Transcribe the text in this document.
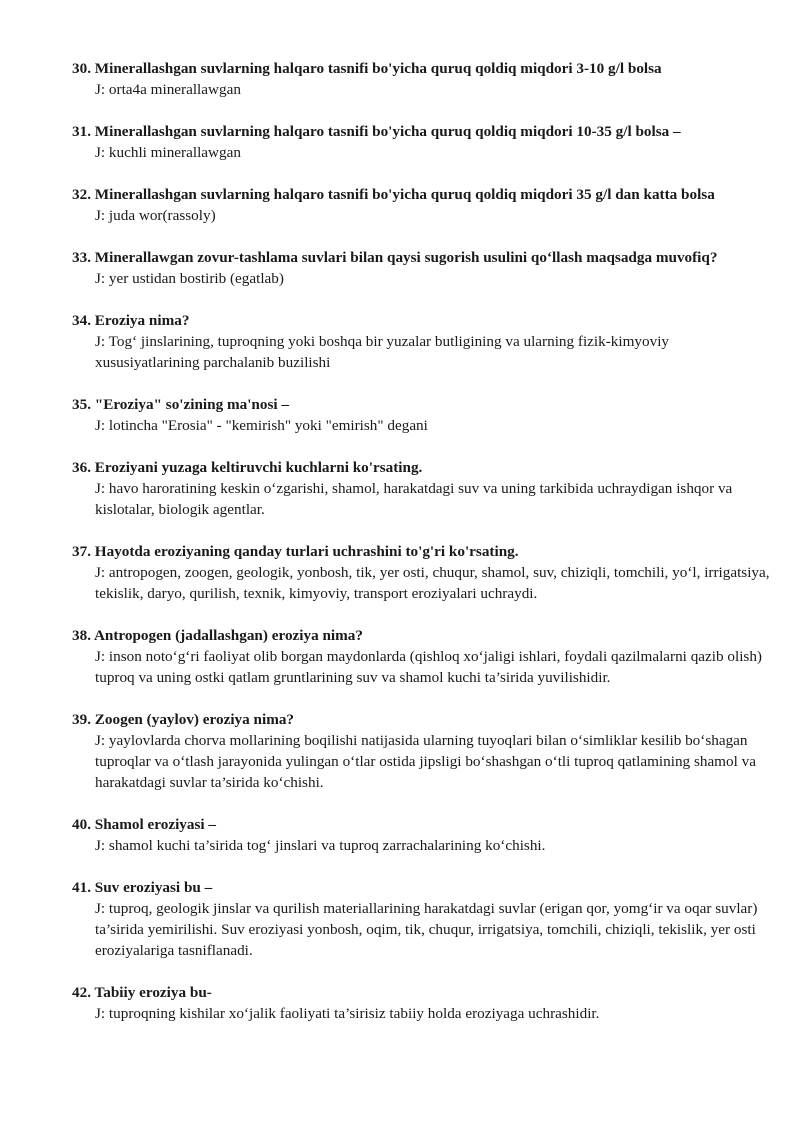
30. Minerallashgan suvlarning halqaro tasnifi bo'yicha quruq qoldiq miqdori 3-10 g/l bolsa
J: orta4a minerallawgan
31. Minerallashgan suvlarning halqaro tasnifi bo'yicha quruq qoldiq miqdori 10-35 g/l bolsa –
J: kuchli minerallawgan
32. Minerallashgan suvlarning halqaro tasnifi bo'yicha quruq qoldiq miqdori 35 g/l dan katta bolsa
J: juda wor(rassoly)
33. Minerallawgan zovur-tashlama suvlari bilan qaysi sugorish usulini qo‘llash maqsadga muvofiq?
J: yer ustidan bostirib (egatlab)
34. Eroziya nima?
J: Tog‘ jinslarining, tuproqning yoki boshqa bir yuzalar butligining va ularning fizik-kimyoviy xususiyatlarining parchalanib buzilishi
35. "Eroziya" so'zining ma'nosi –
J: lotincha "Erosia" - "kemirish" yoki "emirish" degani
36. Eroziyani yuzaga keltiruvchi kuchlarni ko'rsating.
J: havo haroratining keskin o‘zgarishi, shamol, harakatdagi suv va uning tarkibida uchraydigan ishqor va kislotalar, biologik agentlar.
37. Hayotda eroziyaning qanday turlari uchrashini to'g'ri ko'rsating.
J: antropogen, zoogen, geologik, yonbosh, tik, yer osti, chuqur, shamol, suv, chiziqli, tomchili, yo‘l, irrigatsiya, tekislik, daryo, qurilish, texnik, kimyoviy, transport eroziyalari uchraydi.
38. Antropogen (jadallashgan) eroziya nima?
J: inson noto‘g‘ri faoliyat olib borgan maydonlarda (qishloq xo‘jaligi ishlari, foydali qazilmalarni qazib olish) tuproq va uning ostki qatlam gruntlarining suv va shamol kuchi ta’sirida yuvilishidir.
39. Zoogen (yaylov) eroziya nima?
J: yaylovlarda chorva mollarining boqilishi natijasida ularning tuyoqlari bilan o‘simliklar kesilib bo‘shagan tuproqlar va o‘tlash jarayonida yulingan o‘tlar ostida jipsligi bo‘shashgan o‘tli tuproq qatlamining shamol va harakatdagi suvlar ta’sirida ko‘chishi.
40. Shamol eroziyasi –
J: shamol kuchi ta’sirida tog‘ jinslari va tuproq zarrachalarining ko‘chishi.
41. Suv eroziyasi bu –
J: tuproq, geologik jinslar va qurilish materiallarining harakatdagi suvlar (erigan qor, yomg‘ir va oqar suvlar) ta’sirida yemirilishi. Suv eroziyasi yonbosh, oqim, tik, chuqur, irrigatsiya, tomchili, chiziqli, tekislik, yer osti eroziyalariga tasniflanadi.
42. Tabiiy eroziya bu-
J: tuproqning kishilar xo‘jalik faoliyati ta’sirisiz tabiiy holda eroziyaga uchrashidir.
